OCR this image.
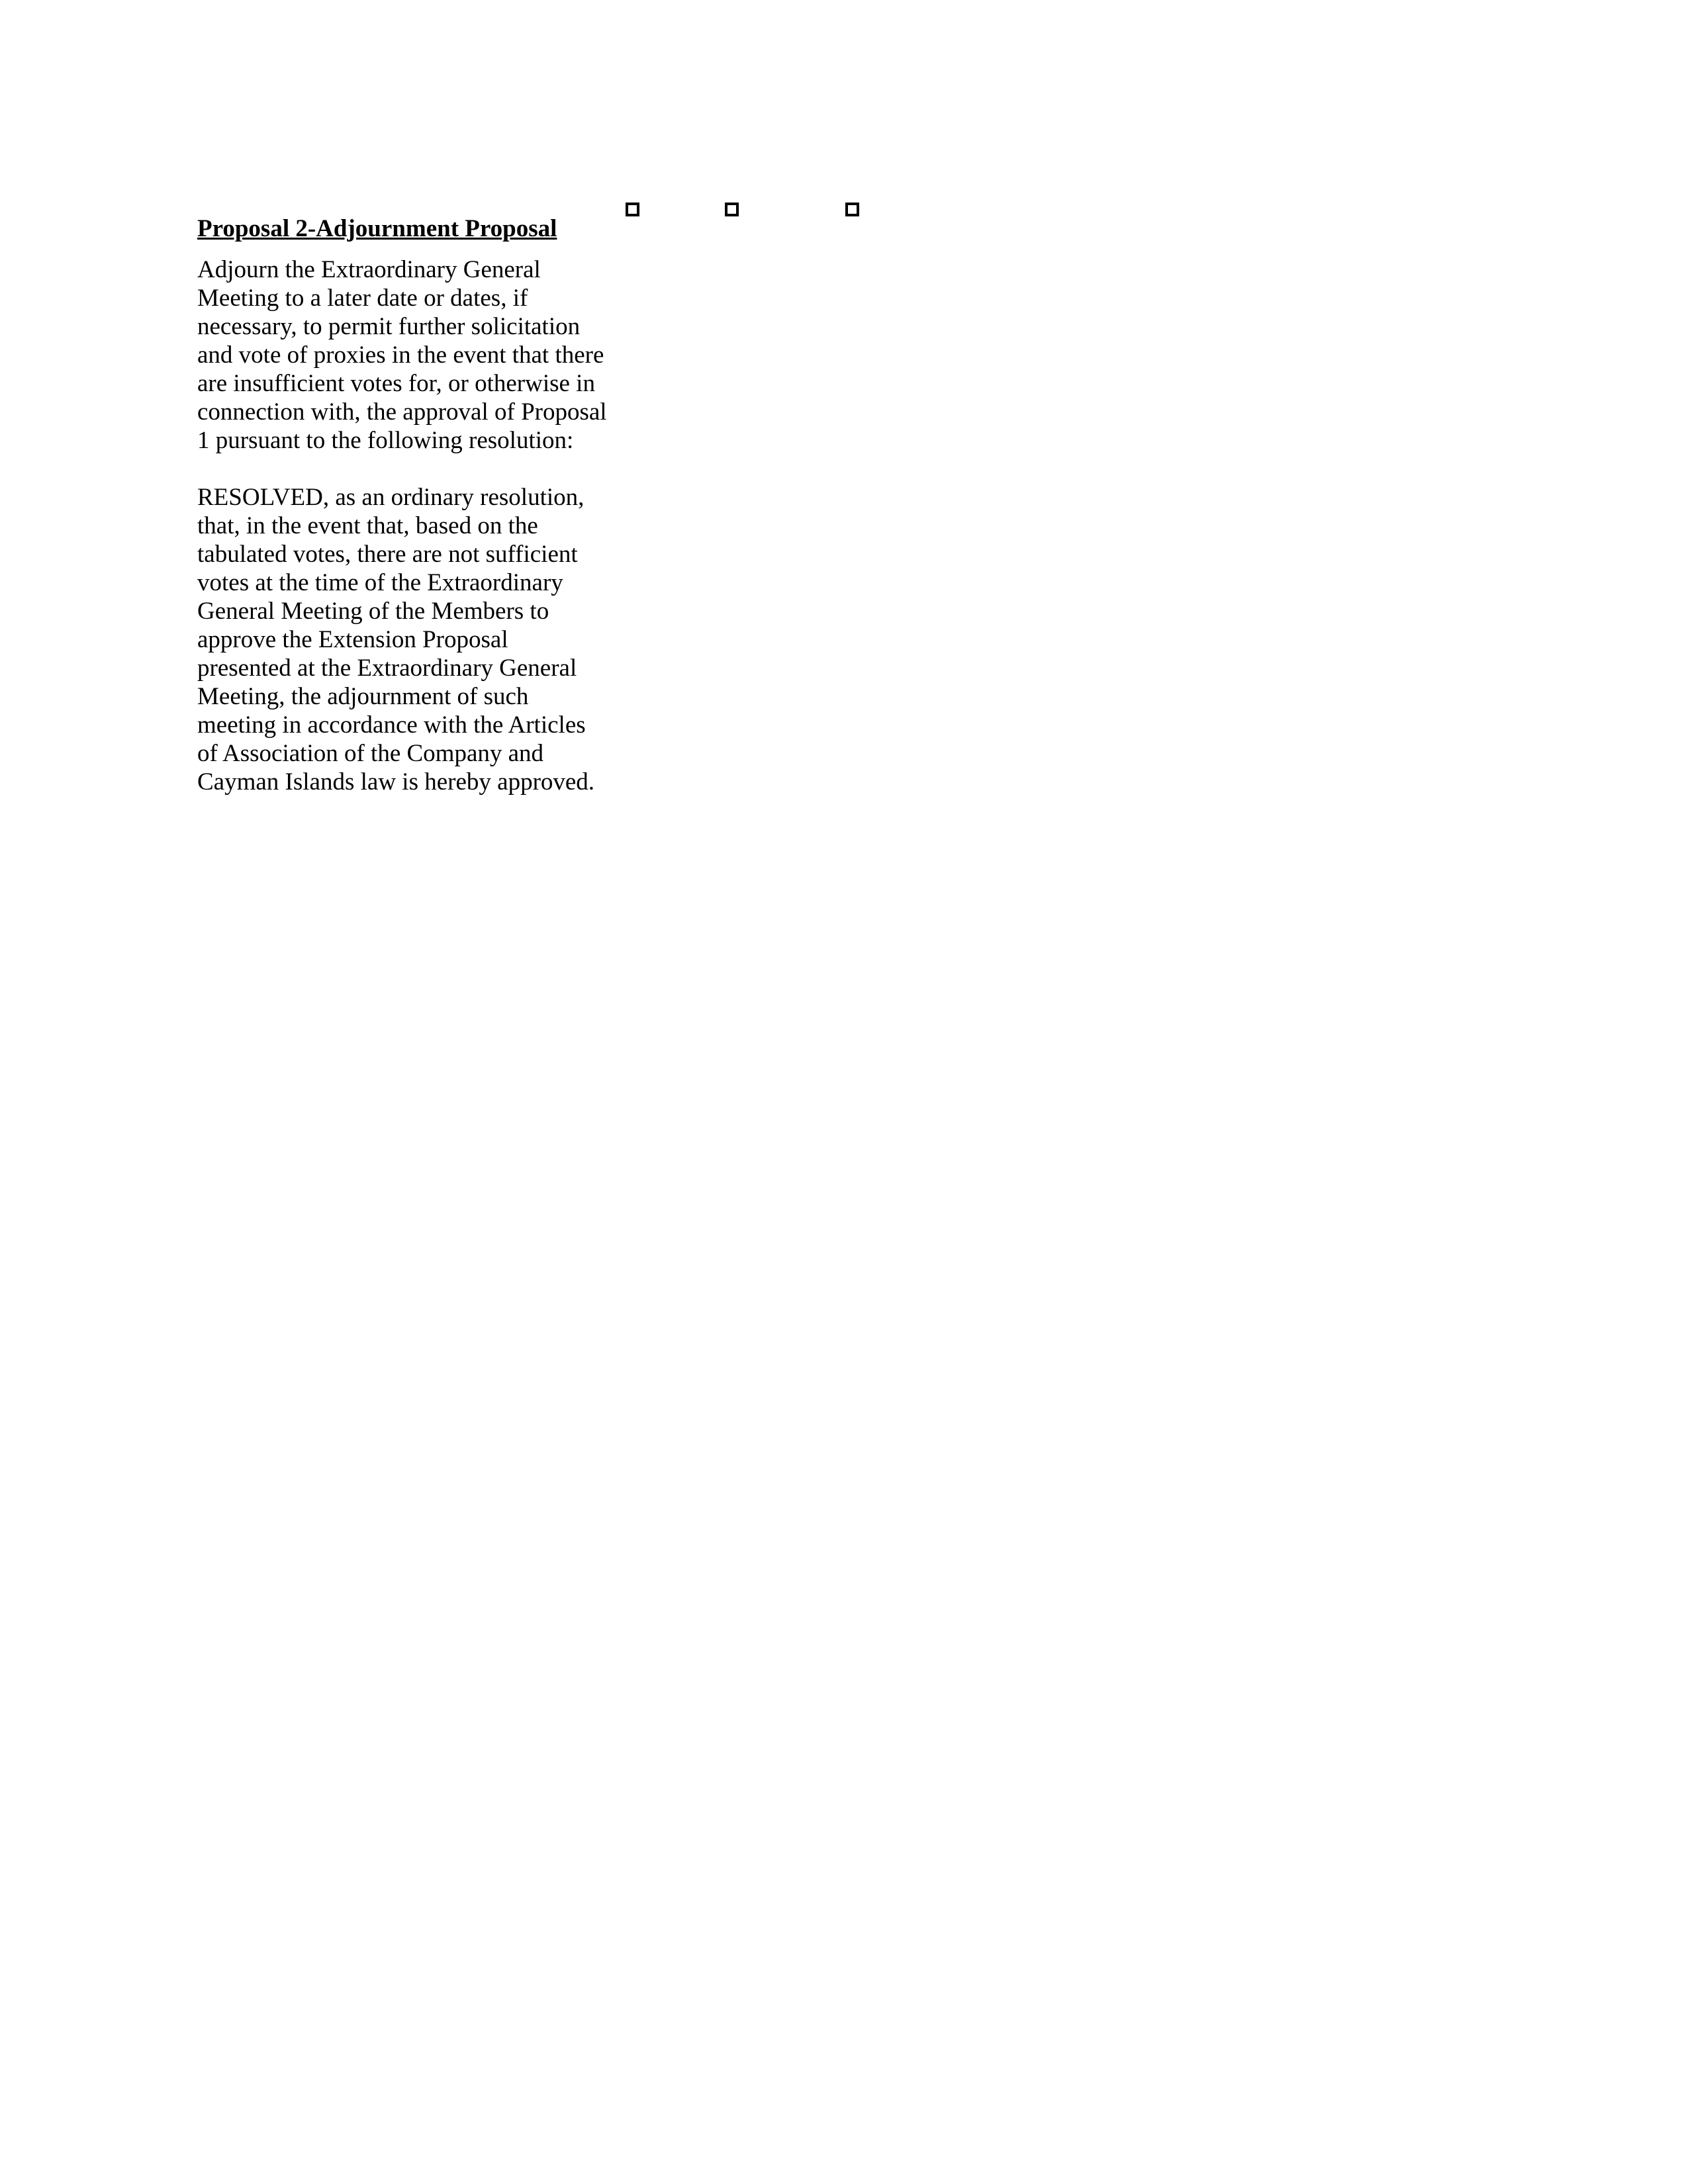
Proposal 2-Adjournment Proposal

Adjourn the Extraordinary General Meeting to a later date or dates, if necessary, to permit further solicitation and vote of proxies in the event that there are insufficient votes for, or otherwise in connection with, the approval of Proposal 1 pursuant to the following resolution:

RESOLVED, as an ordinary resolution, that, in the event that, based on the tabulated votes, there are not sufficient votes at the time of the Extraordinary General Meeting of the Members to approve the Extension Proposal presented at the Extraordinary General Meeting, the adjournment of such meeting in accordance with the Articles of Association of the Company and Cayman Islands law is hereby approved.
